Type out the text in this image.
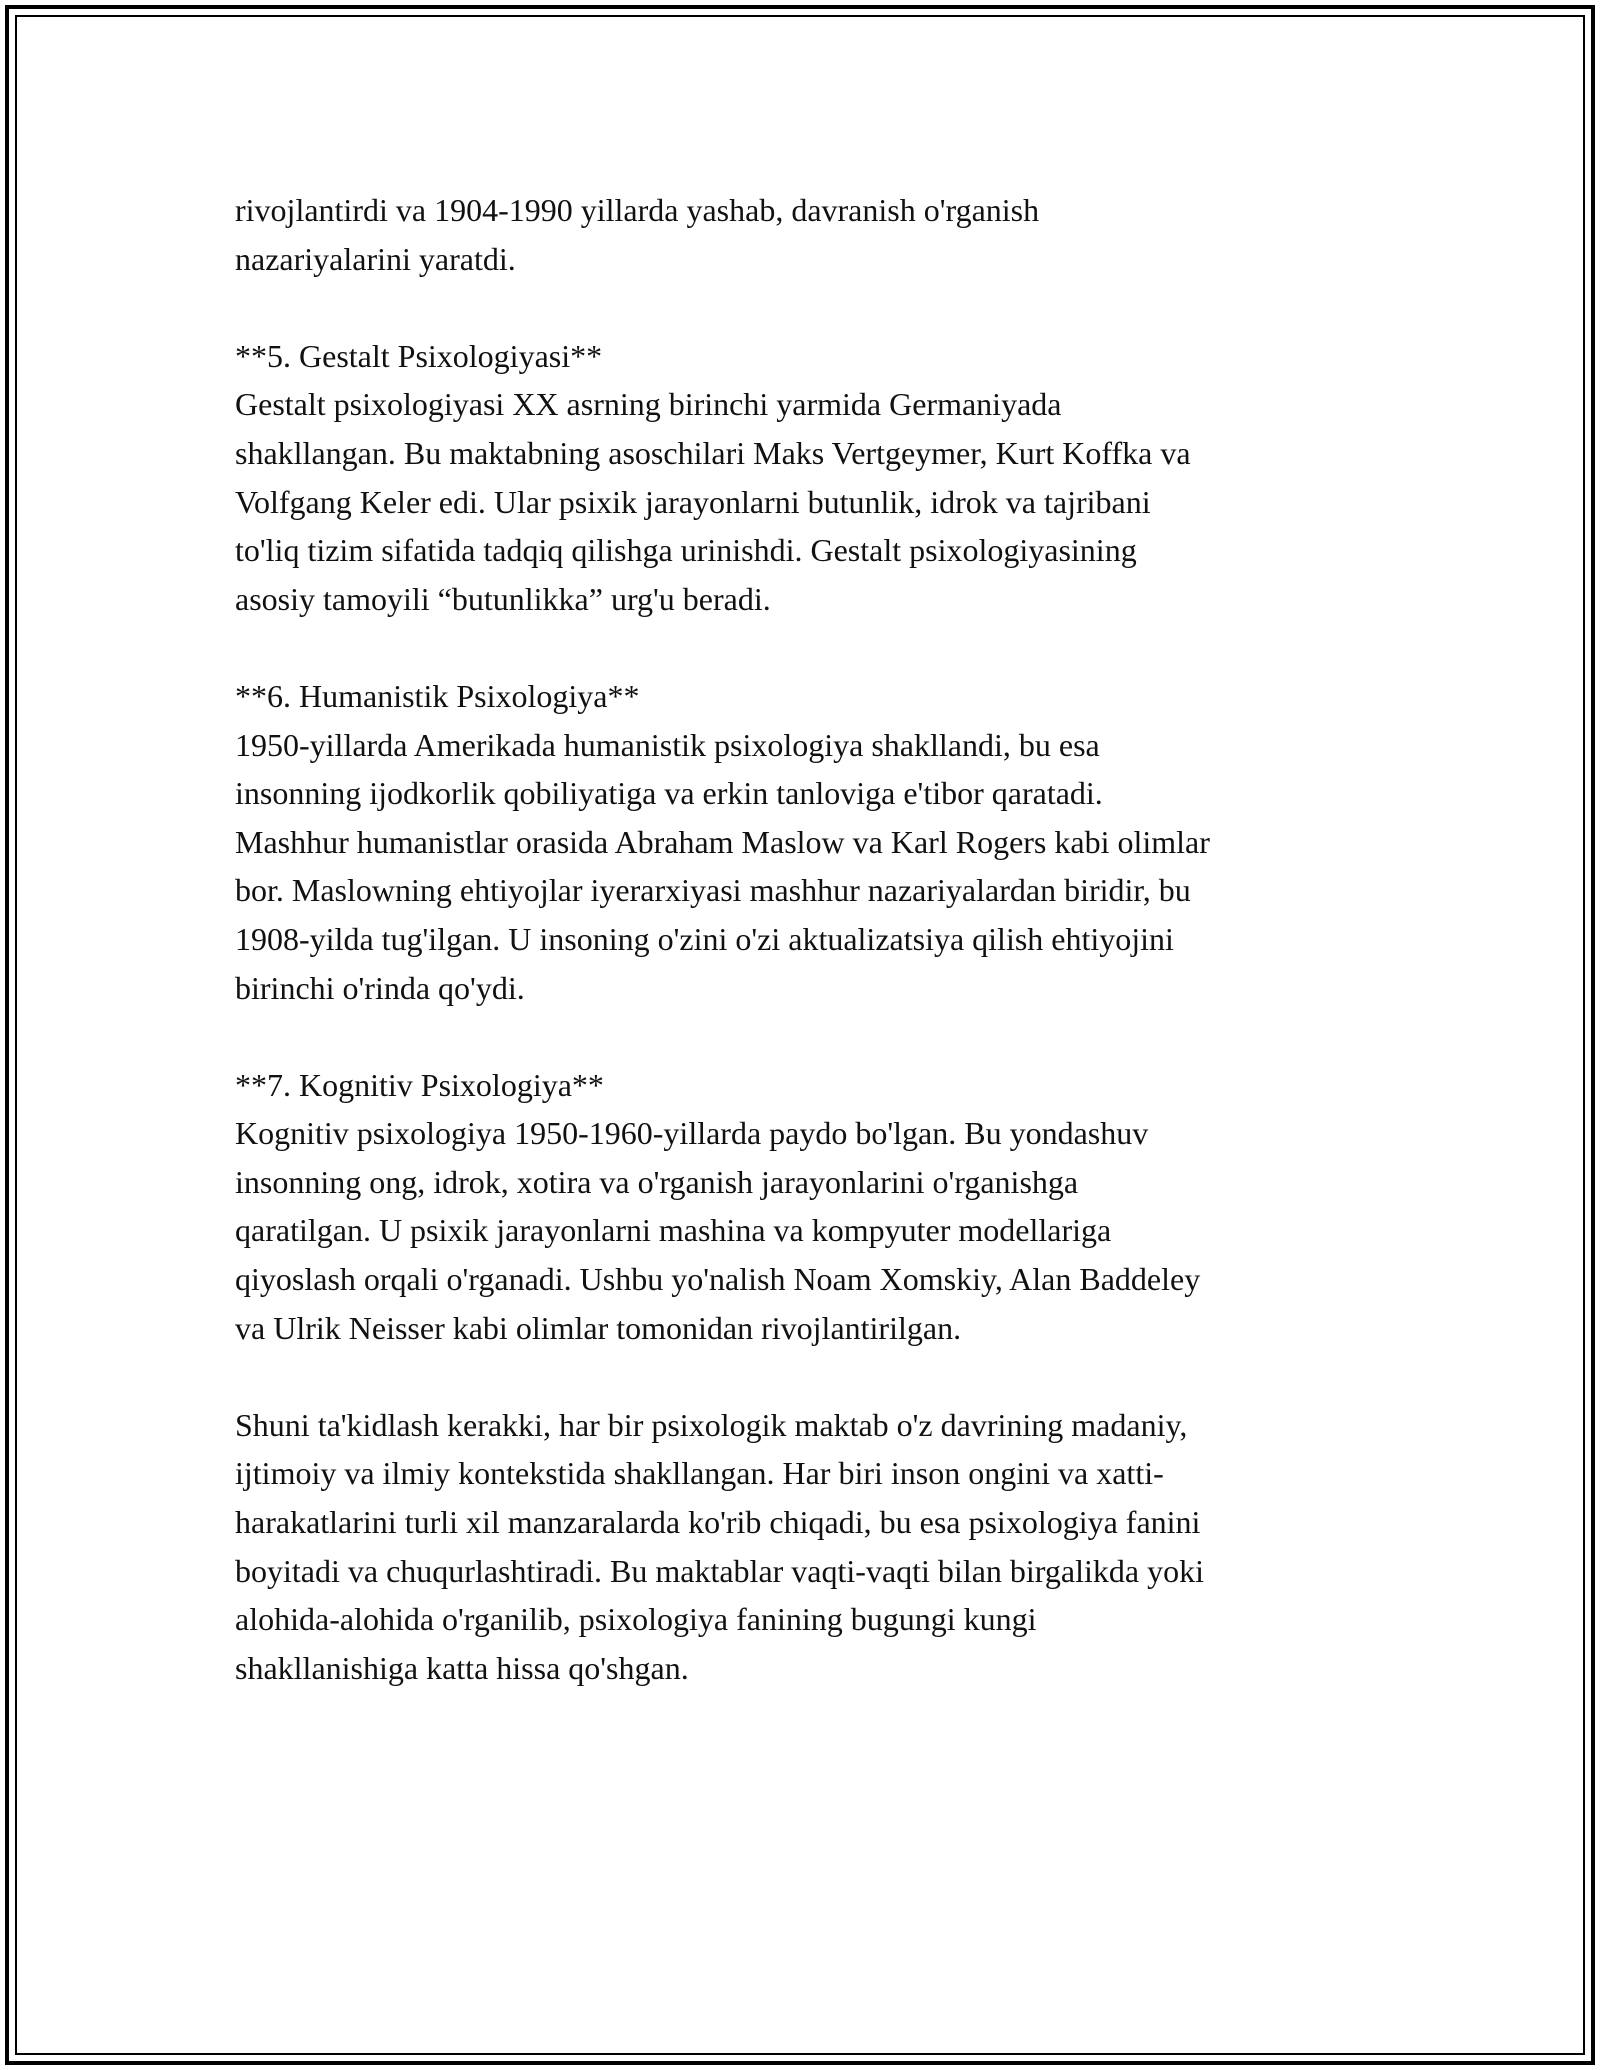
rivojlantirdi va 1904-1990 yillarda yashab, davranish o'rganish
nazariyalarini yaratdi.
**5. Gestalt Psixologiyasi**
Gestalt psixologiyasi XX asrning birinchi yarmida Germaniyada
shakllangan. Bu maktabning asoschilari Maks Vertgeymer, Kurt Koffka va
Volfgang Keler edi. Ular psixik jarayonlarni butunlik, idrok va tajribani
to'liq tizim sifatida tadqiq qilishga urinishdi. Gestalt psixologiyasining
asosiy tamoyili “butunlikka” urg'u beradi.
**6. Humanistik Psixologiya**
1950-yillarda Amerikada humanistik psixologiya shakllandi, bu esa
insonning ijodkorlik qobiliyatiga va erkin tanloviga e'tibor qaratadi.
Mashhur humanistlar orasida Abraham Maslow va Karl Rogers kabi olimlar
bor. Maslowning ehtiyojlar iyerarxiyasi mashhur nazariyalardan biridir, bu
1908-yilda tug'ilgan. U insoning o'zini o'zi aktualizatsiya qilish ehtiyojini
birinchi o'rinda qo'ydi.
**7. Kognitiv Psixologiya**
Kognitiv psixologiya 1950-1960-yillarda paydo bo'lgan. Bu yondashuv
insonning ong, idrok, xotira va o'rganish jarayonlarini o'rganishga
qaratilgan. U psixik jarayonlarni mashina va kompyuter modellariga
qiyoslash orqali o'rganadi. Ushbu yo'nalish Noam Xomskiy, Alan Baddeley
va Ulrik Neisser kabi olimlar tomonidan rivojlantirilgan.
Shuni ta'kidlash kerakki, har bir psixologik maktab o'z davrining madaniy,
ijtimoiy va ilmiy kontekstida shakllangan. Har biri inson ongini va xatti-
harakatlarini turli xil manzaralarda ko'rib chiqadi, bu esa psixologiya fanini
boyitadi va chuqurlashtiradi. Bu maktablar vaqti-vaqti bilan birgalikda yoki
alohida-alohida o'rganilib, psixologiya fanining bugungi kungi
shakllanishiga katta hissa qo'shgan.
